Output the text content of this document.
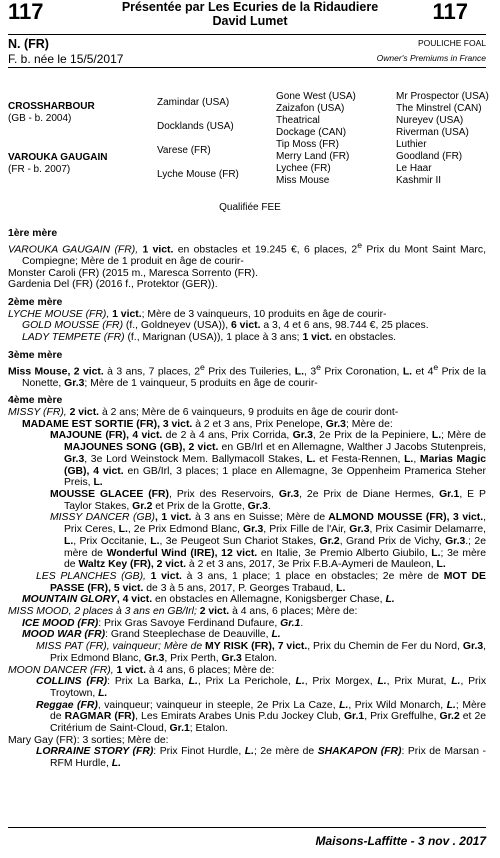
117	117
Présentée par Les Ecuries de la Ridaudiere
David Lumet
N. (FR)
F. b. née le 15/5/2017
POULICHE FOAL
Owner's Premiums in France
CROSSHARBOUR
(GB - b. 2004)
VAROUKA GAUGAIN
(FR - b. 2007)
Zamindar (USA)
Docklands (USA)
Varese (FR)
Lyche Mouse (FR)
Gone West (USA)
Zaizafon (USA)
Theatrical
Dockage (CAN)
Tip Moss (FR)
Merry Land (FR)
Lychee (FR)
Miss Mouse
Mr Prospector (USA)
The Minstrel (CAN)
Nureyev (USA)
Riverman (USA)
Luthier
Goodland (FR)
Le Haar
Kashmir II
Qualifiée FEE
1ère mère

VAROUKA GAUGAIN (FR), 1 vict. en obstacles et 19.245 €, 6 places, 2e Prix du Mont Saint Marc, Compiegne; Mère de 1 produit en âge de courir-

Monster Caroli (FR) (2015 m., Maresca Sorrento (FR).

Gardenia Del (FR) (2016 f., Protektor (GER)).

2ème mère

LYCHE MOUSE (FR), 1 vict.; Mère de 3 vainqueurs, 10 produits en âge de courir-

GOLD MOUSSE (FR) (f., Goldneyev (USA)), 6 vict. a 3, 4 et 6 ans, 98.744 €, 25 places.

LADY TEMPETE (FR) (f., Marignan (USA)), 1 place à 3 ans; 1 vict. en obstacles.

3ème mère

Miss Mouse, 2 vict. à 3 ans, 7 places, 2e Prix des Tuileries, L., 3e Prix Coronation, L. et 4e Prix de la Nonette, Gr.3; Mère de 1 vainqueur, 5 produits en âge de courir-

4ème mère

MISSY (FR), 2 vict. à 2 ans; Mère de 6 vainqueurs, 9 produits en âge de courir dont-

MADAME EST SORTIE (FR), 3 vict. à 2 et 3 ans, Prix Penelope, Gr.3; Mère de:

MAJOUNE (FR), 4 vict. de 2 à 4 ans, Prix Corrida, Gr.3, 2e Prix de la Pepiniere, L.; Mère de MAJOUNES SONG (GB), 2 vict. en GB/Irl et en Allemagne, Walther J Jacobs Stutenpreis, Gr.3, 3e Lord Weinstock Mem. Ballymacoll Stakes, L. et Festa-Rennen, L., Marias Magic (GB), 4 vict. en GB/Irl, 3 places; 1 place en Allemagne, 3e Oppenheim Pramerica Steher Preis, L.

MOUSSE GLACEE (FR), Prix des Reservoirs, Gr.3, 2e Prix de Diane Hermes, Gr.1, E P Taylor Stakes, Gr.2 et Prix de la Grotte, Gr.3.

MISSY DANCER (GB), 1 vict. à 3 ans en Suisse; Mère de ALMOND MOUSSE (FR), 3 vict., Prix Ceres, L., 2e Prix Edmond Blanc, Gr.3, Prix Fille de l'Air, Gr.3, Prix Casimir Delamarre, L., Prix Occitanie, L., 3e Peugeot Sun Chariot Stakes, Gr.2, Grand Prix de Vichy, Gr.3.; 2e mère de Wonderful Wind (IRE), 12 vict. en Italie, 3e Premio Alberto Giubilo, L.; 3e mère de Waltz Key (FR), 2 vict. à 2 et 3 ans, 2017, 3e Prix F.B.A-Aymeri de Mauleon, L.

LES PLANCHES (GB), 1 vict. à 3 ans, 1 place; 1 place en obstacles; 2e mère de MOT DE PASSE (FR), 5 vict. de 3 à 5 ans, 2017, P. Georges Trabaud, L.

MOUNTAIN GLORY, 4 vict. en obstacles en Allemagne, Konigsberger Chase, L.

MISS MOOD, 2 places à 3 ans en GB/Irl; 2 vict. à 4 ans, 6 places; Mère de:

ICE MOOD (FR): Prix Gras Savoye Ferdinand Dufaure, Gr.1.

MOOD WAR (FR): Grand Steeplechase de Deauville, L.

MISS PAT (FR), vainqueur; Mère de MY RISK (FR), 7 vict., Prix du Chemin de Fer du Nord, Gr.3, Prix Edmond Blanc, Gr.3, Prix Perth, Gr.3 Etalon.

MOON DANCER (FR), 1 vict. à 4 ans, 6 places; Mère de:

COLLINS (FR): Prix La Barka, L., Prix La Perichole, L., Prix Morgex, L., Prix Murat, L., Prix Troytown, L.

Reggae (FR), vainqueur; vainqueur in steeple, 2e Prix La Caze, L., Prix Wild Monarch, L.; Mère de RAGMAR (FR), Les Emirats Arabes Unis P.du Jockey Club, Gr.1, Prix Greffulhe, Gr.2 et 2e Critérium de Saint-Cloud, Gr.1; Etalon.

Mary Gay (FR): 3 sorties; Mère de:

LORRAINE STORY (FR): Prix Finot Hurdle, L.; 2e mère de SHAKAPON (FR): Prix de Marsan - RFM Hurdle, L.

Maisons-Laffitte - 3 nov . 2017
